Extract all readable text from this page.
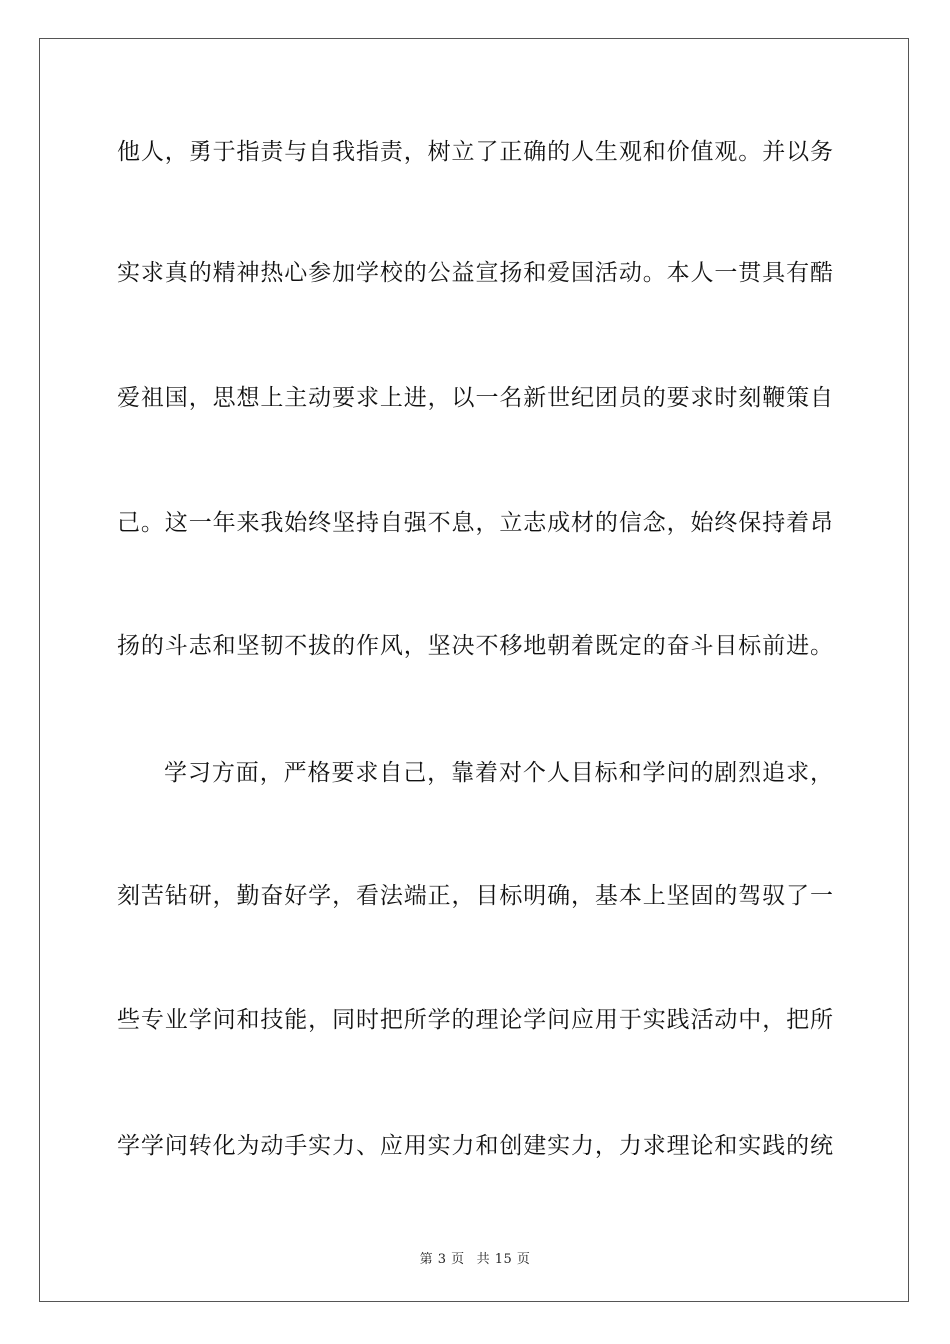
他人，勇于指责与自我指责，树立了正确的人生观和价值观。并以务
实求真的精神热心参加学校的公益宣扬和爱国活动。本人一贯具有酷
爱祖国，思想上主动要求上进，以一名新世纪团员的要求时刻鞭策自
己。这一年来我始终坚持自强不息，立志成材的信念，始终保持着昂
扬的斗志和坚韧不拔的作风，坚决不移地朝着既定的奋斗目标前进。
学习方面，严格要求自己，靠着对个人目标和学问的剧烈追求，
刻苦钻研，勤奋好学，看法端正，目标明确，基本上坚固的驾驭了一
些专业学问和技能，同时把所学的理论学问应用于实践活动中，把所
学学问转化为动手实力、应用实力和创建实力，力求理论和实践的统
第 3 页 共 15 页
